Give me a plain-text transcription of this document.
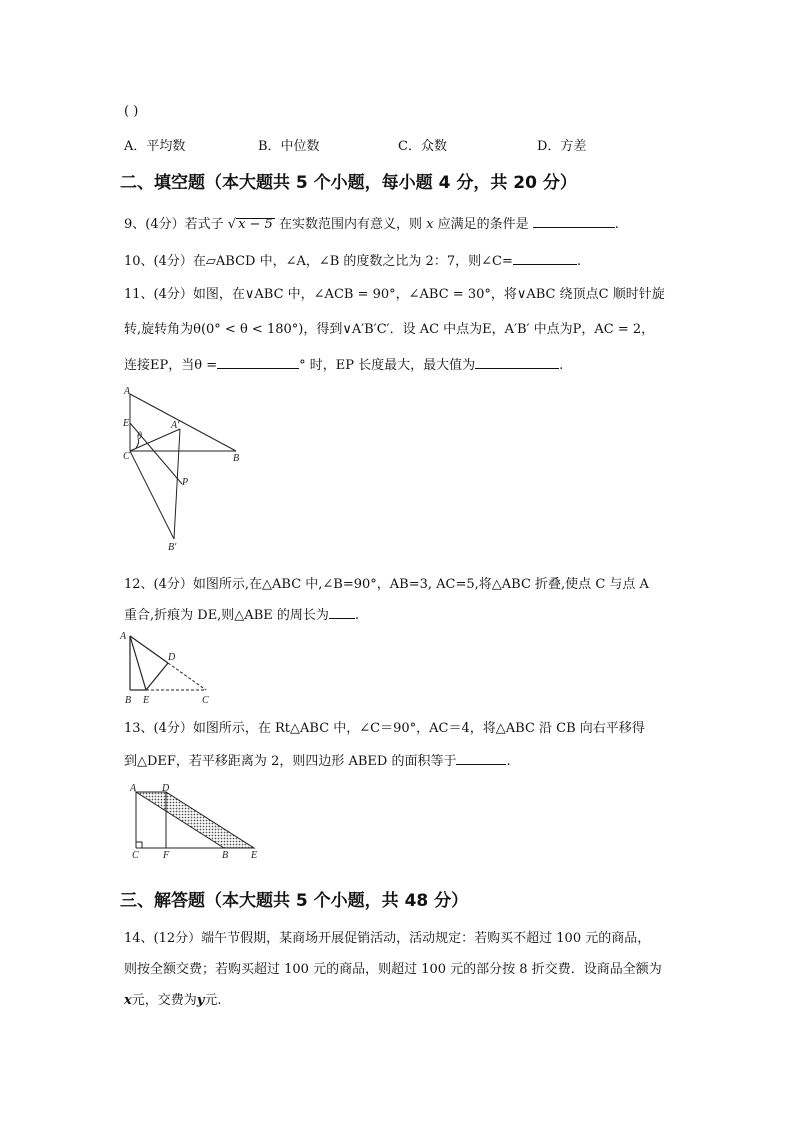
( )
A．平均数	B．中位数	C．众数	D．方差
二、填空题（本大题共 5 个小题，每小题 4 分，共 20 分）
9、(4分）若式子 √ x − 5 在实数范围内有意义，则 x 应满足的条件是	.
10、(4分）在▱ABCD 中，∠A，∠B 的度数之比为 2：7，则∠C=	.
11、(4分）如图，在∨ABC 中，∠ACB = 90°，∠ABC = 30°，将∨ABC 绕顶点C 顺时针旋
转,旋转角为θ(0° < θ < 180°)，得到∨A′B′C′．设 AC 中点为E，A′B′ 中点为P，AC = 2，
连接EP，当θ =	° 时，EP 长度最大，最大值为	.
A
E
θ
A'
C	B
P
B'
12、(4分）如图所示,在△ABC 中,∠B=90°，AB=3, AC=5,将△ABC 折叠,使点 C 与点 A
重合,折痕为 DE,则△ABE 的周长为 .
A
D
B E	C
13、(4分）如图所示，在 Rt△ABC 中，∠C＝90°，AC＝4，将△ABC 沿 CB 向右平移得
到△DEF，若平移距离为 2，则四边形 ABED 的面积等于	.
A	D
C F	B E
三、解答题（本大题共 5 个小题，共 48 分）
14、(12分）端午节假期，某商场开展促销活动，活动规定：若购买不超过 100 元的商品，
则按全额交费；若购买超过 100 元的商品，则超过 100 元的部分按 8 折交费．设商品全额为
x元，交费为y元.
